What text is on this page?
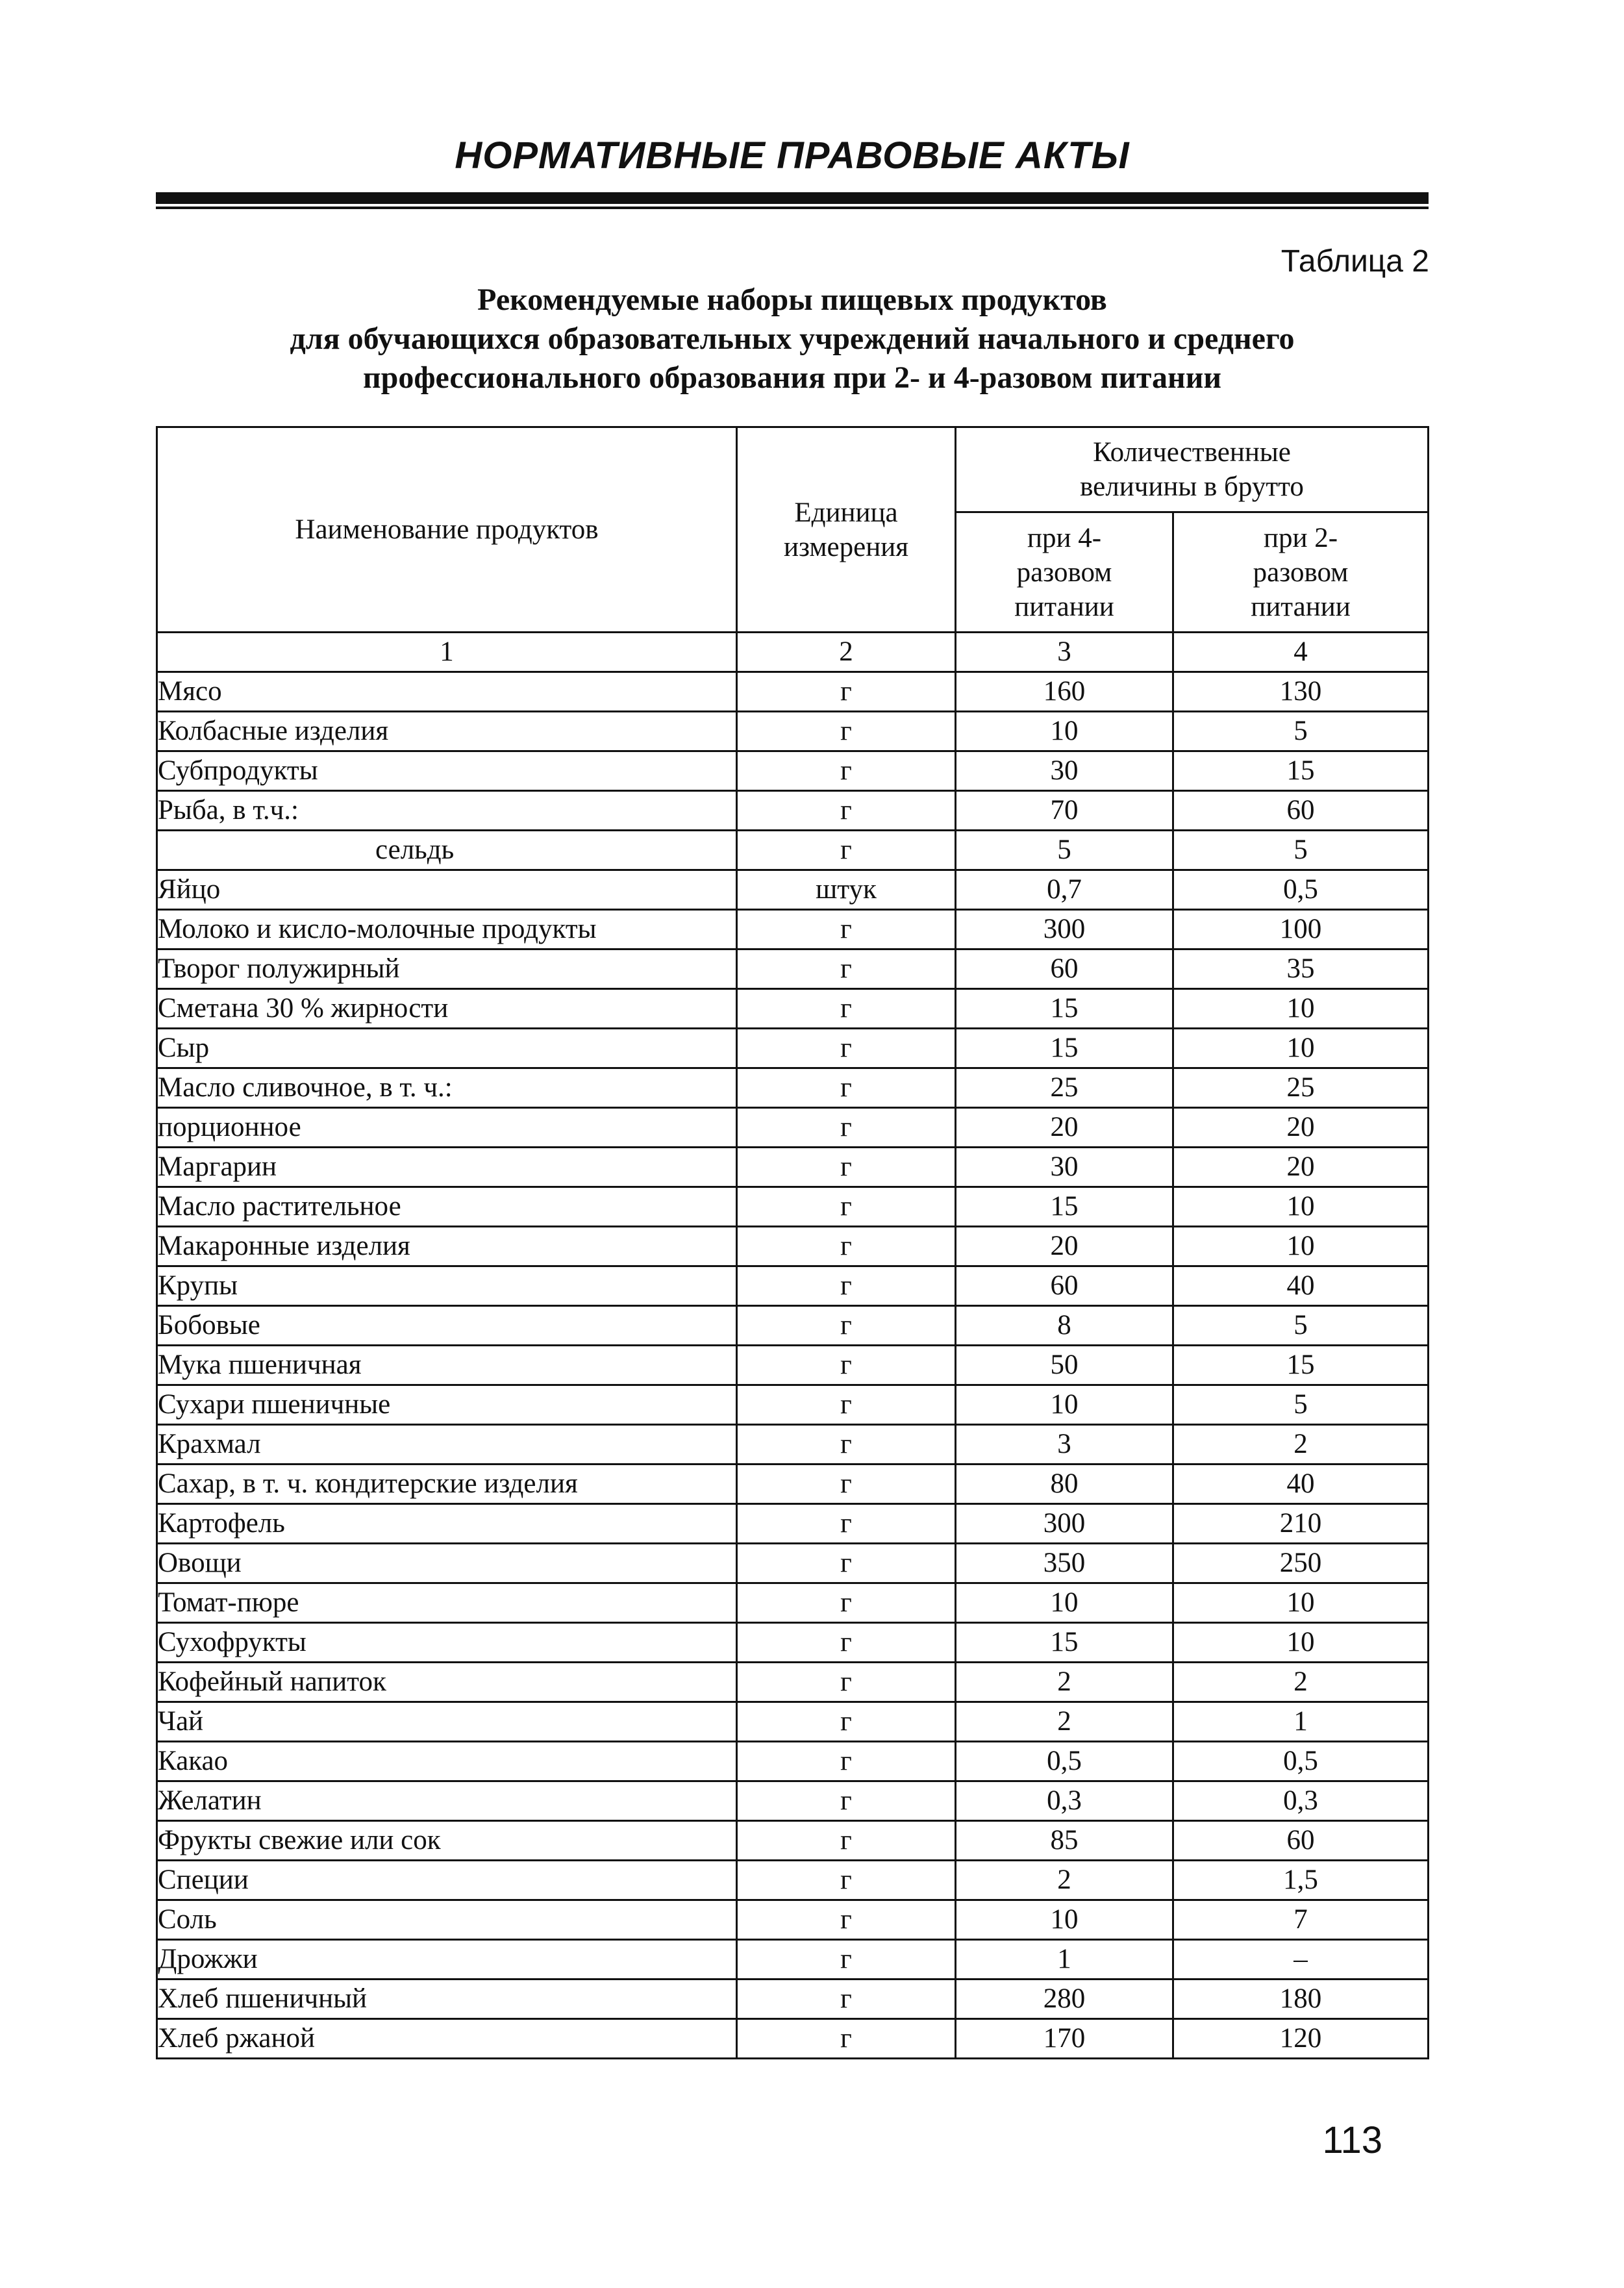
НОРМАТИВНЫЕ ПРАВОВЫЕ АКТЫ
Таблица 2
Рекомендуемые наборы пищевых продуктов
для обучающихся образовательных учреждений начального и среднего
профессионального образования при 2- и 4-разовом питании
Наименование продуктов	Единица измерения	Количественные величины в брутто	

		при 4-разовом питании	при 2-разовом питании

1	2	3	4
Мясо	г	160	130
Колбасные изделия	г	10	5
Субпродукты	г	30	15
Рыба, в т.ч.:	г	70	60
сельдь	г	5	5
Яйцо	штук	0,7	0,5
Молоко и кисло-молочные продукты	г	300	100
Творог полужирный	г	60	35
Сметана 30 % жирности	г	15	10
Сыр	г	15	10
Масло сливочное, в т. ч.:	г	25	25
порционное	г	20	20
Маргарин	г	30	20
Масло растительное	г	15	10
Макаронные изделия	г	20	10
Крупы	г	60	40
Бобовые	г	8	5
Мука пшеничная	г	50	15
Сухари пшеничные	г	10	5
Крахмал	г	3	2
Сахар, в т. ч. кондитерские изделия	г	80	40
Картофель	г	300	210
Овощи	г	350	250
Томат-пюре	г	10	10
Сухофрукты	г	15	10
Кофейный напиток	г	2	2
Чай	г	2	1
Какао	г	0,5	0,5
Желатин	г	0,3	0,3
Фрукты свежие или сок	г	85	60
Специи	г	2	1,5
Соль	г	10	7
Дрожжи	г	1	–
Хлеб пшеничный	г	280	180
Хлеб ржаной	г	170	120
113
